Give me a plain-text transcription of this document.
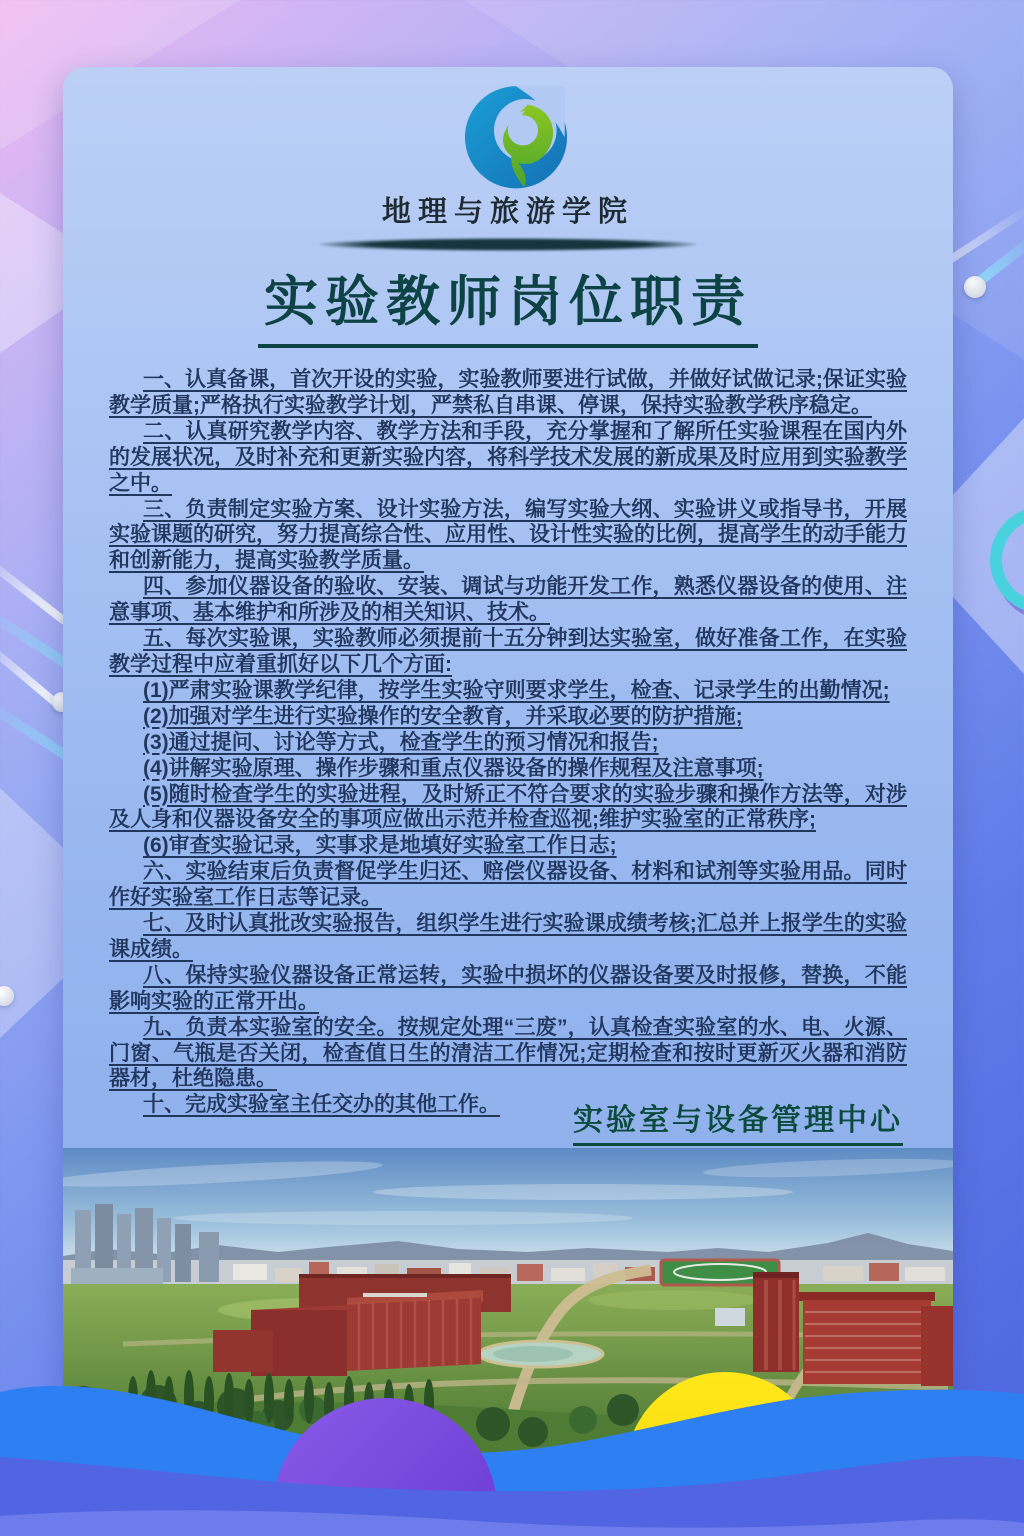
地理与旅游学院
实验教师岗位职责

一、认真备课，首次开设的实验，实验教师要进行试做，并做好试做记录;保证实验教学质量;严格执行实验教学计划，严禁私自串课、停课，保持实验教学秩序稳定。

二、认真研究教学内容、教学方法和手段，充分掌握和了解所任实验课程在国内外的发展状况，及时补充和更新实验内容，将科学技术发展的新成果及时应用到实验教学之中。

三、负责制定实验方案、设计实验方法，编写实验大纲、实验讲义或指导书，开展实验课题的研究，努力提高综合性、应用性、设计性实验的比例，提高学生的动手能力和创新能力，提高实验教学质量。

四、参加仪器设备的验收、安装、调试与功能开发工作，熟悉仪器设备的使用、注意事项、基本维护和所涉及的相关知识、技术。

五、每次实验课，实验教师必须提前十五分钟到达实验室，做好准备工作，在实验教学过程中应着重抓好以下几个方面:

(1)严肃实验课教学纪律，按学生实验守则要求学生，检查、记录学生的出勤情况;

(2)加强对学生进行实验操作的安全教育，并采取必要的防护措施;

(3)通过提问、讨论等方式，检查学生的预习情况和报告;

(4)讲解实验原理、操作步骤和重点仪器设备的操作规程及注意事项;

(5)随时检查学生的实验进程，及时矫正不符合要求的实验步骤和操作方法等，对涉及人身和仪器设备安全的事项应做出示范并检查巡视;维护实验室的正常秩序;

(6)审查实验记录，实事求是地填好实验室工作日志;

六、实验结束后负责督促学生归还、赔偿仪器设备、材料和试剂等实验用品。同时作好实验室工作日志等记录。

七、及时认真批改实验报告，组织学生进行实验课成绩考核;汇总并上报学生的实验课成绩。

八、保持实验仪器设备正常运转，实验中损坏的仪器设备要及时报修，替换，不能影响实验的正常开出。

九、负责本实验室的安全。按规定处理“三废”，认真检查实验室的水、电、火源、门窗、气瓶是否关闭，检查值日生的清洁工作情况;定期检查和按时更新灭火器和消防器材，杜绝隐患。

十、完成实验室主任交办的其他工作。	实验室与设备管理中心
